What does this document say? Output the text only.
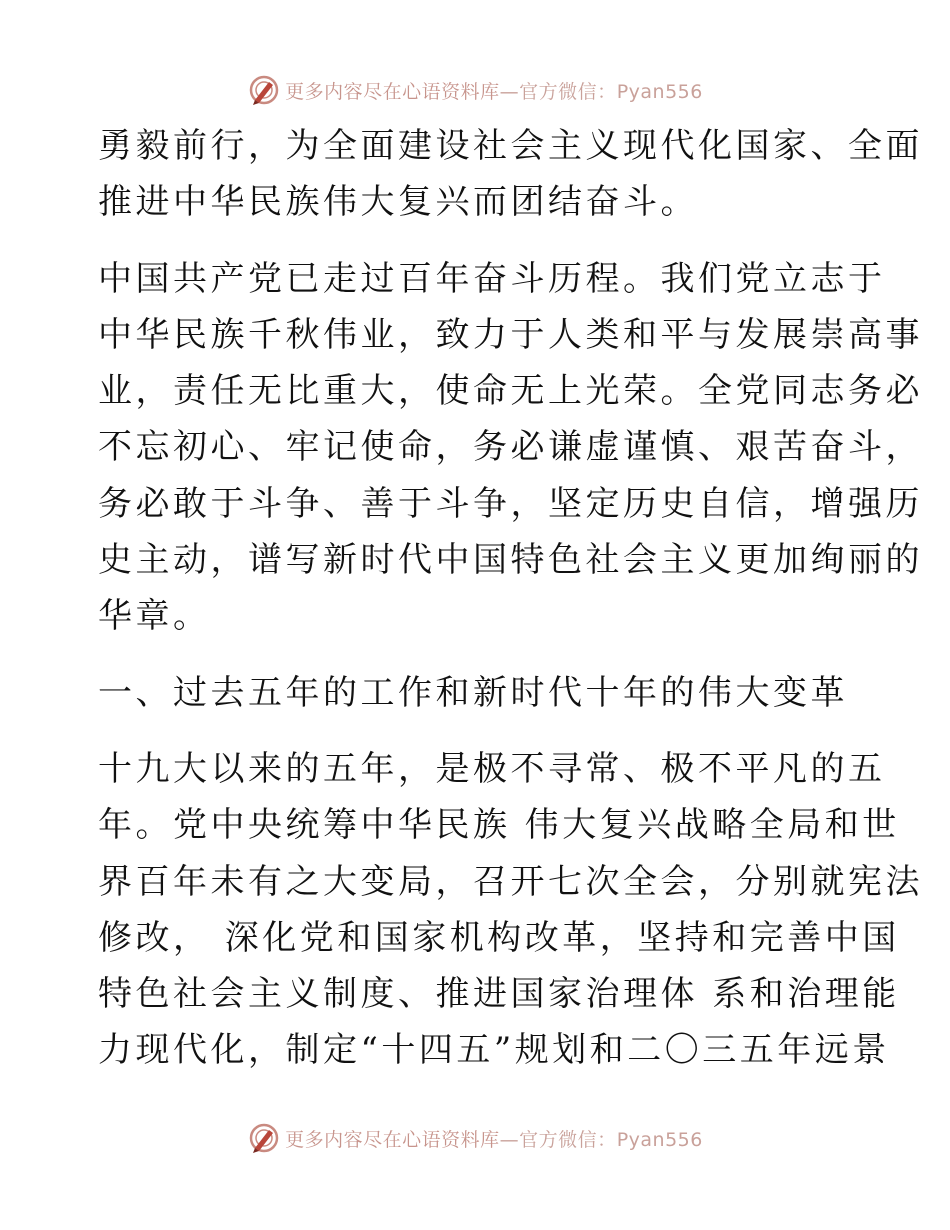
更多内容尽在心语资料库—官方微信：Pyan556
勇毅前行，为全面建设社会主义现代化国家、全面
推进中华民族伟大复兴而团结奋斗。
中国共产党已走过百年奋斗历程。我们党立志于
中华民族千秋伟业，致力于人类和平与发展崇高事
业，责任无比重大，使命无上光荣。全党同志务必
不忘初心、牢记使命，务必谦虚谨慎、艰苦奋斗，
务必敢于斗争、善于斗争，坚定历史自信，增强历
史主动，谱写新时代中国特色社会主义更加绚丽的
华章。
一、过去五年的工作和新时代十年的伟大变革
十九大以来的五年，是极不寻常、极不平凡的五
年。党中央统筹中华民族 伟大复兴战略全局和世
界百年未有之大变局，召开七次全会，分别就宪法
修改， 深化党和国家机构改革，坚持和完善中国
特色社会主义制度、推进国家治理体 系和治理能
力现代化，制定“十四五”规划和二〇三五年远景
更多内容尽在心语资料库—官方微信：Pyan556
